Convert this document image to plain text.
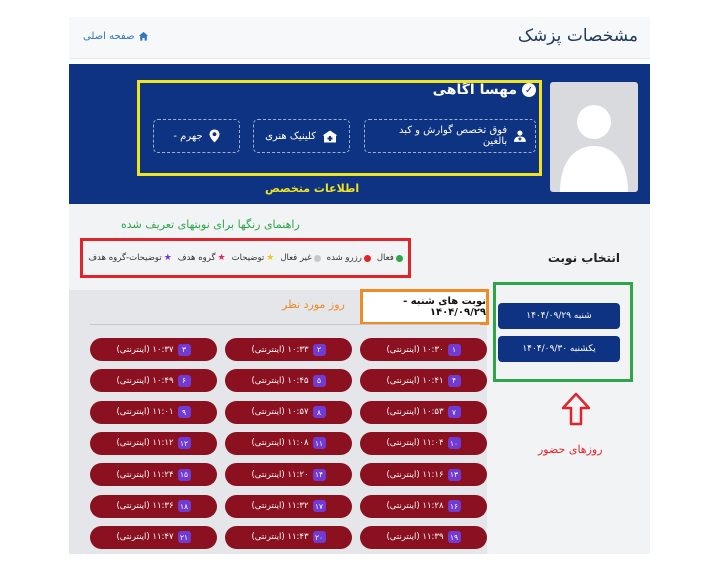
مشخصات پزشک
صفحه اصلی
✓
مهسا آگاهی
فوق تخصص گوارش و کبد بالغین
کلینیک هنری
جهرم -
اطلاعات متخصص
راهنمای رنگها برای نوبتهای تعریف شده
فعال
رزرو شده
غیر فعال
★
توضیحات
★
گروه هدف
★
توضیحات-گروه هدف	انتخاب نوبت
شنبه ۱۴۰۴/۰۹/۲۹
یکشنبه ۱۴۰۴/۰۹/۳۰
روزهای حضور
نوبت های شنبه - ۱۴۰۴/۰۹/۲۹
روز مورد نظر
۱
۱۰:۳۰ (اینترنتی)
۲
۱۰:۳۳ (اینترنتی)
۳
۱۰:۳۷ (اینترنتی)
۴
۱۰:۴۱ (اینترنتی)
۵
۱۰:۴۵ (اینترنتی)
۶
۱۰:۴۹ (اینترنتی)
۷
۱۰:۵۳ (اینترنتی)
۸
۱۰:۵۷ (اینترنتی)
۹
۱۱:۰۱ (اینترنتی)
۱۰
۱۱:۰۴ (اینترنتی)
۱۱
۱۱:۰۸ (اینترنتی)
۱۲
۱۱:۱۲ (اینترنتی)
۱۳
۱۱:۱۶ (اینترنتی)
۱۴
۱۱:۲۰ (اینترنتی)
۱۵
۱۱:۲۴ (اینترنتی)
۱۶
۱۱:۲۸ (اینترنتی)
۱۷
۱۱:۳۲ (اینترنتی)
۱۸
۱۱:۳۶ (اینترنتی)
۱۹
۱۱:۳۹ (اینترنتی)
۲۰
۱۱:۴۳ (اینترنتی)
۲۱
۱۱:۴۷ (اینترنتی)
